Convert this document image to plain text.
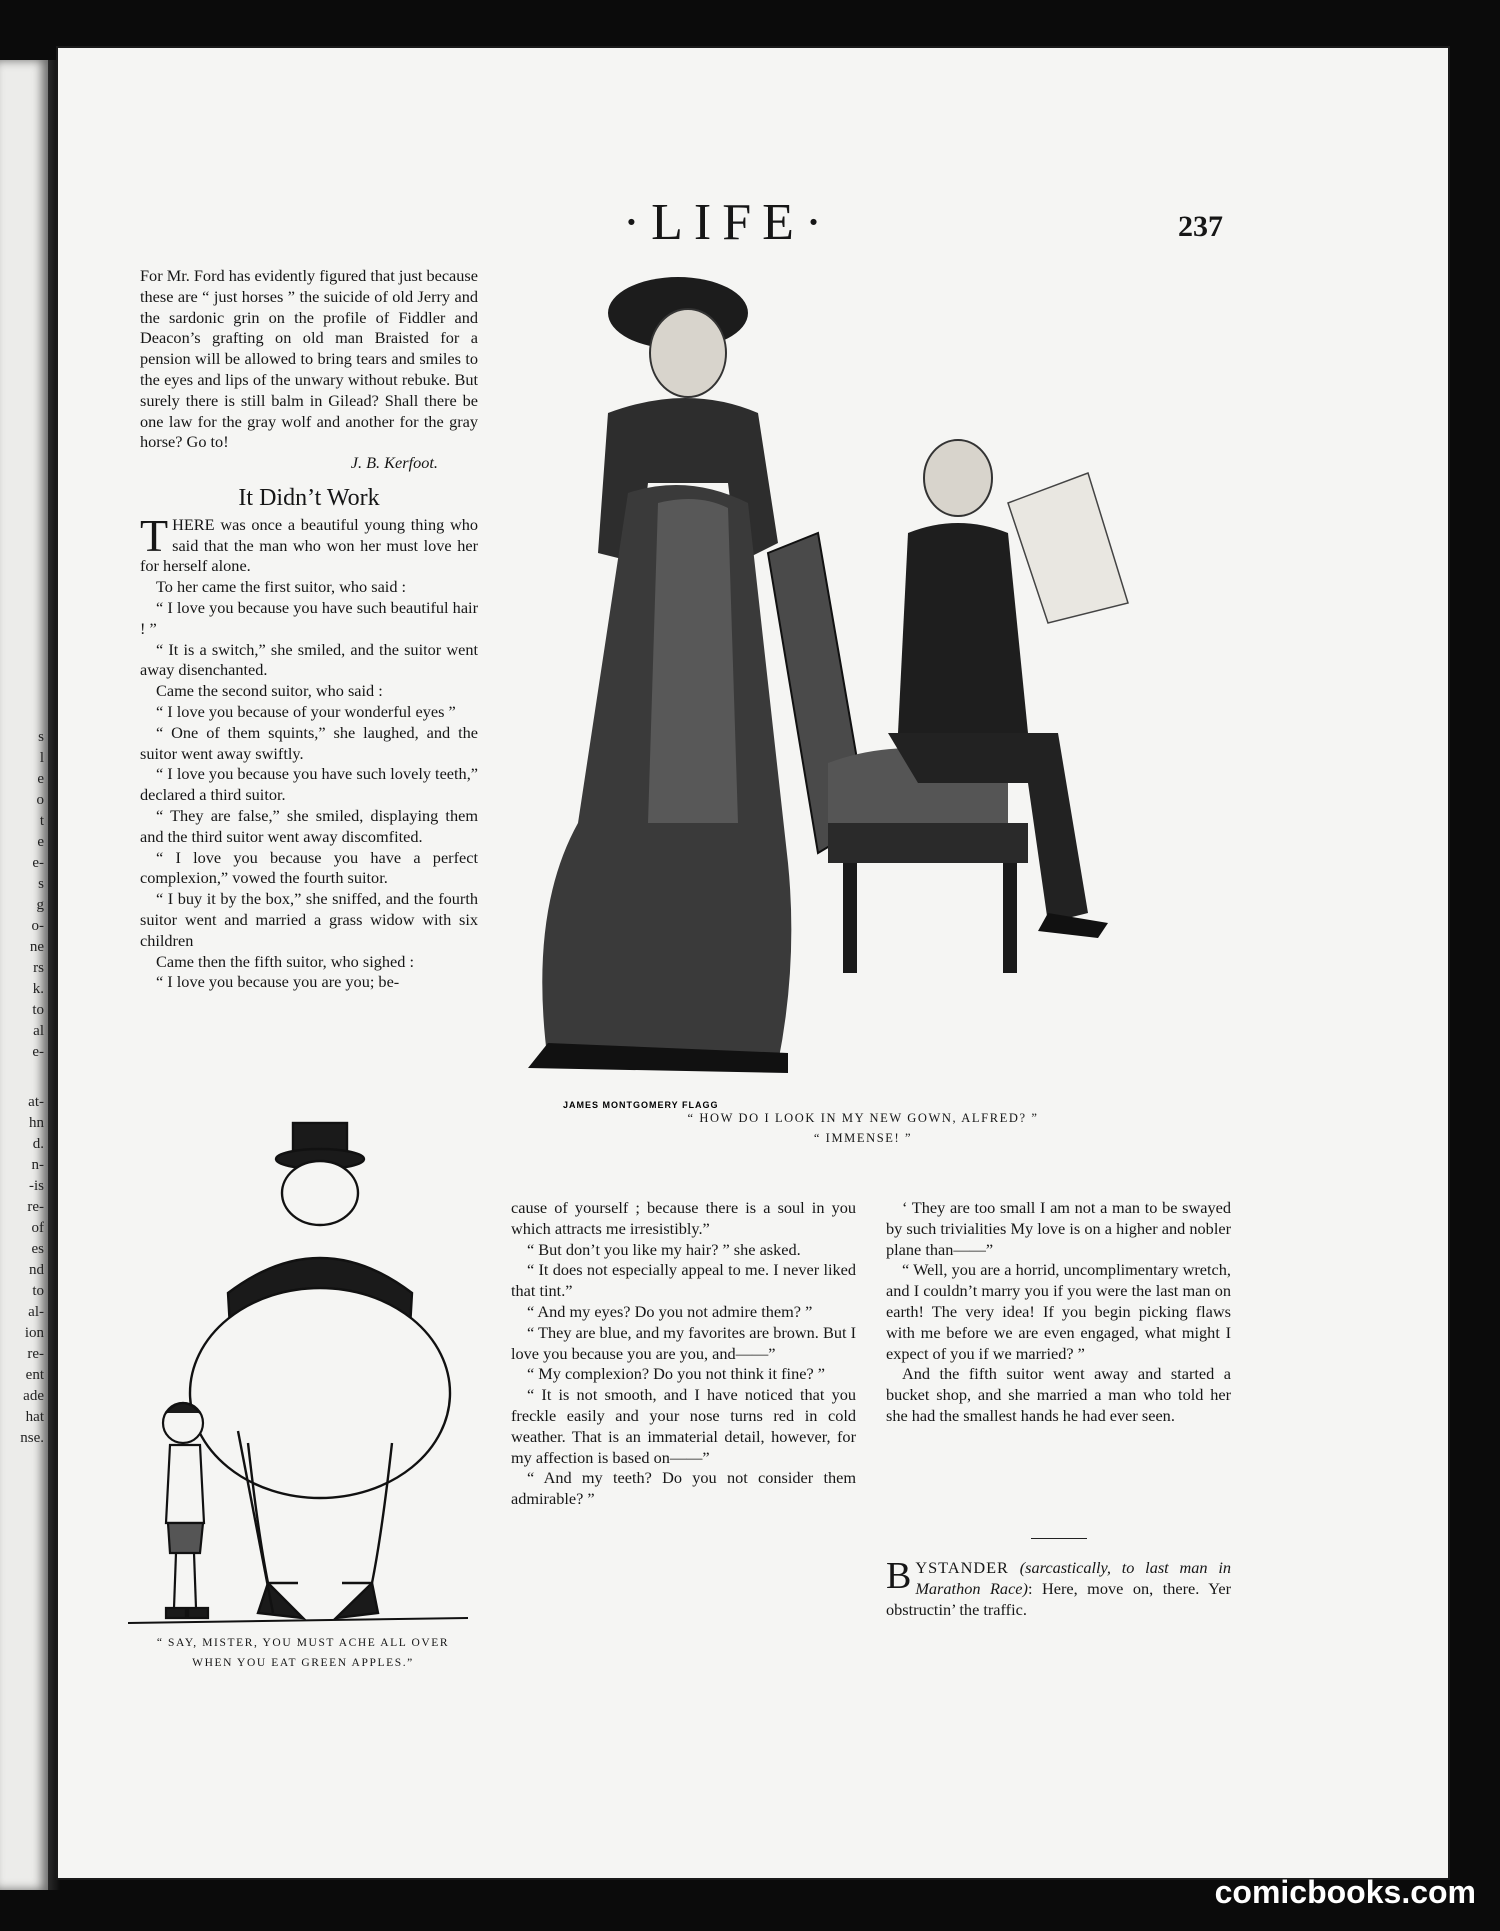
s
l
e
o
t
e
e-
s
g
o-
ne
rs
k.
to
al
e-
at-
hn
d.
n-
-is
re-
of
es
nd
to
al-
ion
re-
ent
ade
hat
nse.
·LIFE·	237

For Mr. Ford has evidently figured that just because these are “ just horses ” the suicide of old Jerry and the sardonic grin on the profile of Fiddler and Deacon’s grafting on old man Braisted for a pension will be allowed to bring tears and smiles to the eyes and lips of the unwary without rebuke. But surely there is still balm in Gilead? Shall there be one law for the gray wolf and another for the gray horse? Go to!

J. B. Kerfoot.
It Didn’t Work

THERE was once a beautiful young thing who said that the man who won her must love her for herself alone.

To her came the first suitor, who said :

“ I love you because you have such beautiful hair ! ”

“ It is a switch,” she smiled, and the suitor went away disenchanted.

Came the second suitor, who said :

“ I love you because of your wonderful eyes ”

“ One of them squints,” she laughed, and the suitor went away swiftly.

“ I love you because you have such lovely teeth,” declared a third suitor.

“ They are false,” she smiled, displaying them and the third suitor went away discomfited.

“ I love you because you have a perfect complexion,” vowed the fourth suitor.

“ I buy it by the box,” she sniffed, and the fourth suitor went and married a grass widow with six children

Came then the fifth suitor, who sighed :

“ I love you because you are you; be-

JAMES MONTGOMERY FLAGG
“ HOW DO I LOOK IN MY NEW GOWN, ALFRED? ”
“ IMMENSE! ”
“ SAY, MISTER, YOU MUST ACHE ALL OVER
WHEN YOU EAT GREEN APPLES.”

cause of yourself ; because there is a soul in you which attracts me irresistibly.”

“ But don’t you like my hair? ” she asked.

“ It does not especially appeal to me. I never liked that tint.”

“ And my eyes? Do you not admire them? ”

“ They are blue, and my favorites are brown. But I love you because you are you, and——”

“ My complexion? Do you not think it fine? ”

“ It is not smooth, and I have noticed that you freckle easily and your nose turns red in cold weather. That is an immaterial detail, however, for my affection is based on——”

“ And my teeth? Do you not consider them admirable? ”

‘ They are too small I am not a man to be swayed by such trivialities My love is on a higher and nobler plane than——”

“ Well, you are a horrid, uncomplimentary wretch, and I couldn’t marry you if you were the last man on earth! The very idea! If you begin picking flaws with me before we are even engaged, what might I expect of you if we married? ”

And the fifth suitor went away and started a bucket shop, and she married a man who told her she had the smallest hands he had ever seen.

BYSTANDER (sarcastically, to last man in Marathon Race): Here, move on, there. Yer obstructin’ the traffic.
comicbooks.com
